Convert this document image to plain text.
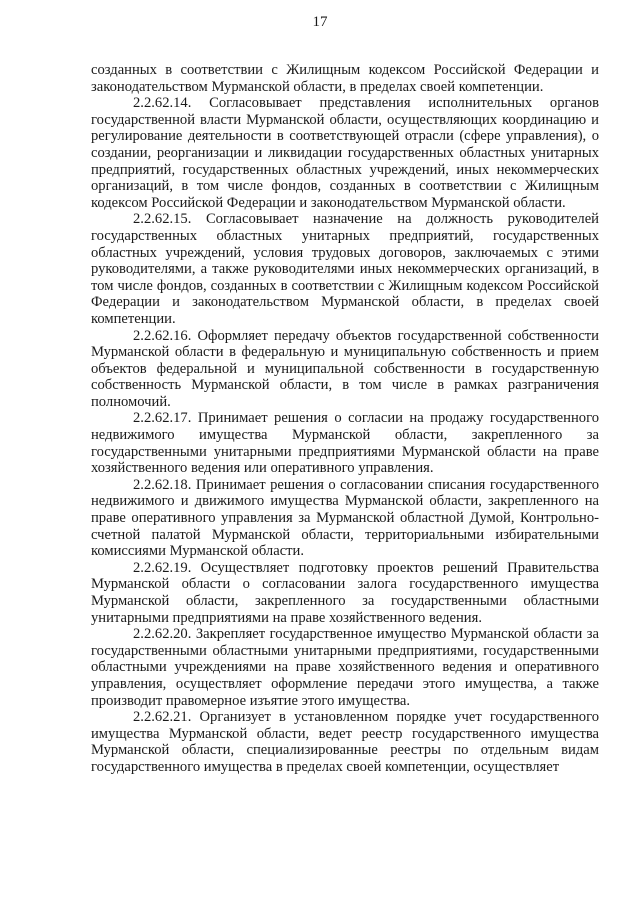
17

созданных в соответствии с Жилищным кодексом Российской Федерации и законодательством Мурманской области, в пределах своей компетенции.

2.2.62.14. Согласовывает представления исполнительных органов государственной власти Мурманской области, осуществляющих координацию и регулирование деятельности в соответствующей отрасли (сфере управления), о создании, реорганизации и ликвидации государственных областных унитарных предприятий, государственных областных учреждений, иных некоммерческих организаций, в том числе фондов, созданных в соответствии с Жилищным кодексом Российской Федерации и законодательством Мурманской области.

2.2.62.15. Согласовывает назначение на должность руководителей государственных областных унитарных предприятий, государственных областных учреждений, условия трудовых договоров, заключаемых с этими руководителями, а также руководителями иных некоммерческих организаций, в том числе фондов, созданных в соответствии с Жилищным кодексом Российской Федерации и законодательством Мурманской области, в пределах своей компетенции.

2.2.62.16. Оформляет передачу объектов государственной собственности Мурманской области в федеральную и муниципальную собственность и прием объектов федеральной и муниципальной собственности в государственную собственность Мурманской области, в том числе в рамках разграничения полномочий.

2.2.62.17. Принимает решения о согласии на продажу государственного недвижимого имущества Мурманской области, закрепленного за государственными унитарными предприятиями Мурманской области на праве хозяйственного ведения или оперативного управления.

2.2.62.18. Принимает решения о согласовании списания государственного недвижимого и движимого имущества Мурманской области, закрепленного на праве оперативного управления за Мурманской областной Думой, Контрольно-счетной палатой Мурманской области, территориальными избирательными комиссиями Мурманской области.

2.2.62.19. Осуществляет подготовку проектов решений Правительства Мурманской области о согласовании залога государственного имущества Мурманской области, закрепленного за государственными областными унитарными предприятиями на праве хозяйственного ведения.

2.2.62.20. Закрепляет государственное имущество Мурманской области за государственными областными унитарными предприятиями, государственными областными учреждениями на праве хозяйственного ведения и оперативного управления, осуществляет оформление передачи этого имущества, а также производит правомерное изъятие этого имущества.

2.2.62.21. Организует в установленном порядке учет государственного имущества Мурманской области, ведет реестр государственного имущества Мурманской области, специализированные реестры по отдельным видам государственного имущества в пределах своей компетенции, осуществляет
